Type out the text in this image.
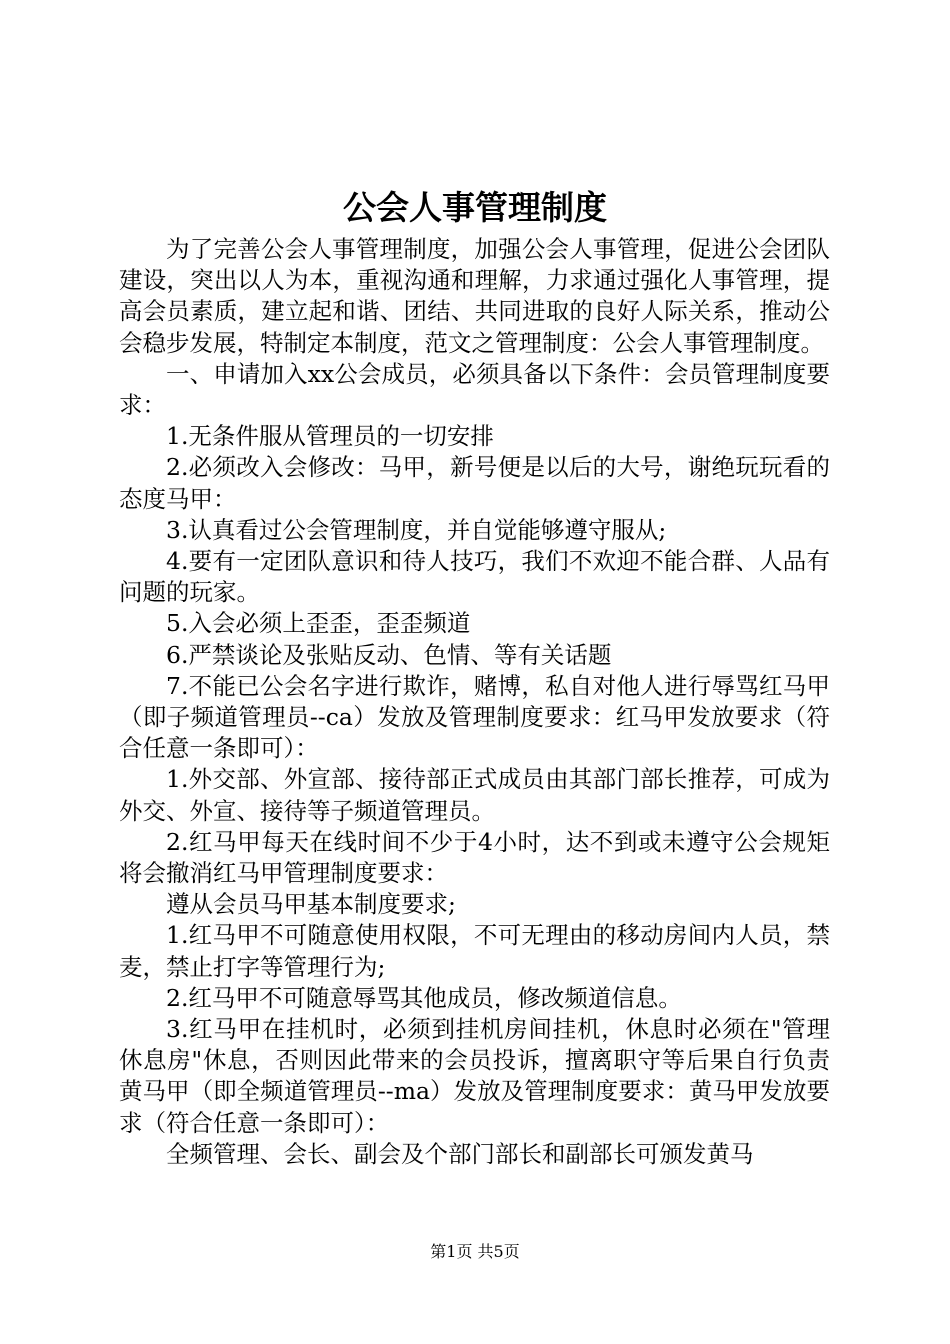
公会人事管理制度

为了完善公会人事管理制度，加强公会人事管理，促进公会团队建设，突出以人为本，重视沟通和理解，力求通过强化人事管理，提高会员素质，建立起和谐、团结、共同进取的良好人际关系，推动公会稳步发展，特制定本制度，范文之管理制度：公会人事管理制度。

一、申请加入xx公会成员，必须具备以下条件：会员管理制度要求：

1.无条件服从管理员的一切安排

2.必须改入会修改：马甲，新号便是以后的大号，谢绝玩玩看的态度马甲：

3.认真看过公会管理制度，并自觉能够遵守服从;

4.要有一定团队意识和待人技巧，我们不欢迎不能合群、人品有问题的玩家。

5.入会必须上歪歪，歪歪频道

6.严禁谈论及张贴反动、色情、等有关话题

7.不能已公会名字进行欺诈，赌博，私自对他人进行辱骂红马甲（即子频道管理员--ca）发放及管理制度要求：红马甲发放要求（符合任意一条即可）：

1.外交部、外宣部、接待部正式成员由其部门部长推荐，可成为外交、外宣、接待等子频道管理员。

2.红马甲每天在线时间不少于4小时，达不到或未遵守公会规矩将会撤消红马甲管理制度要求：

遵从会员马甲基本制度要求;

1.红马甲不可随意使用权限，不可无理由的移动房间内人员，禁麦，禁止打字等管理行为;

2.红马甲不可随意辱骂其他成员，修改频道信息。

3.红马甲在挂机时，必须到挂机房间挂机，休息时必须在"管理休息房"休息，否则因此带来的会员投诉，擅离职守等后果自行负责黄马甲（即全频道管理员--ma）发放及管理制度要求：黄马甲发放要求（符合任意一条即可）：

全频管理、会长、副会及个部门部长和副部长可颁发黄马

第1页 共5页
